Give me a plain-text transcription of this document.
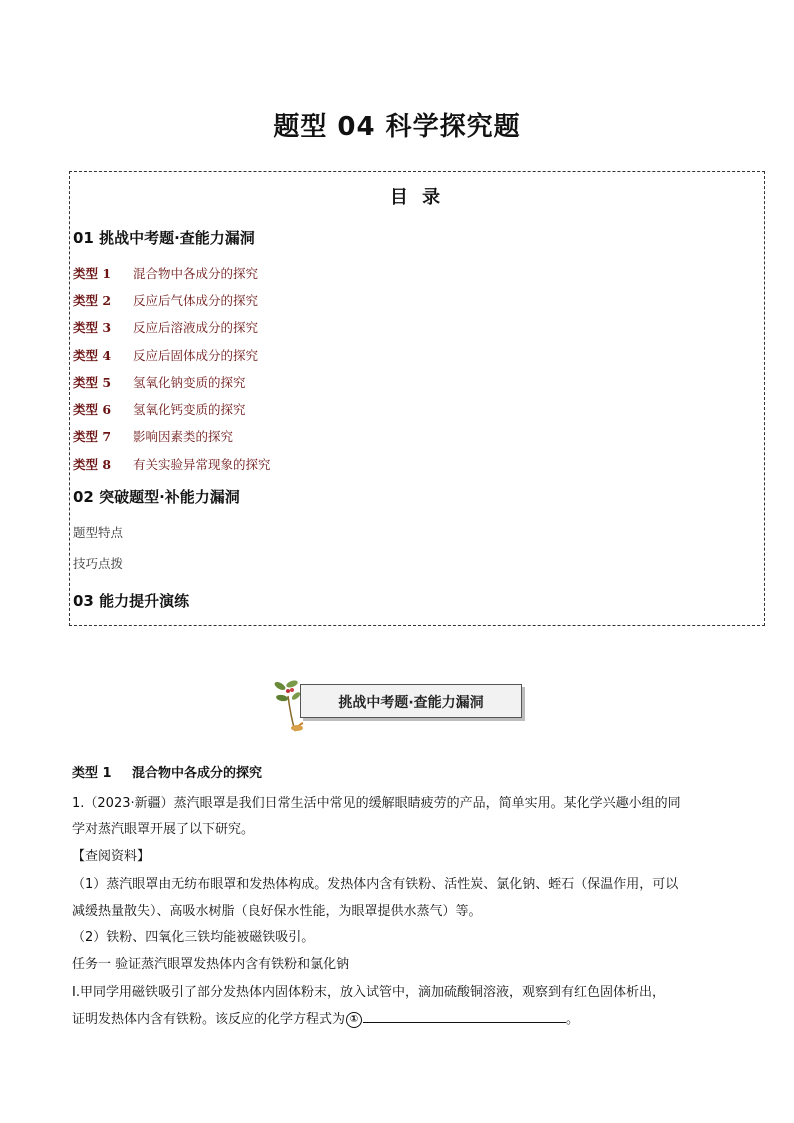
题型 04 科学探究题
目 录
01 挑战中考题·查能力漏洞
类型 1 混合物中各成分的探究
类型 2 反应后气体成分的探究
类型 3 反应后溶液成分的探究
类型 4 反应后固体成分的探究
类型 5 氢氧化钠变质的探究
类型 6 氢氧化钙变质的探究
类型 7 影响因素类的探究
类型 8 有关实验异常现象的探究
02 突破题型·补能力漏洞
题型特点
技巧点拨
03 能力提升演练
挑战中考题·查能力漏洞
类型 1 混合物中各成分的探究
1.（2023·新疆）蒸汽眼罩是我们日常生活中常见的缓解眼睛疲劳的产品，简单实用。某化学兴趣小组的同
学对蒸汽眼罩开展了以下研究。
【查阅资料】
（1）蒸汽眼罩由无纺布眼罩和发热体构成。发热体内含有铁粉、活性炭、氯化钠、蛭石（保温作用，可以
减缓热量散失）、高吸水树脂（良好保水性能，为眼罩提供水蒸气）等。
（2）铁粉、四氧化三铁均能被磁铁吸引。
任务一 验证蒸汽眼罩发热体内含有铁粉和氯化钠
Ⅰ.甲同学用磁铁吸引了部分发热体内固体粉末，放入试管中，滴加硫酸铜溶液，观察到有红色固体析出，
证明发热体内含有铁粉。该反应的化学方程式为 ①	。
